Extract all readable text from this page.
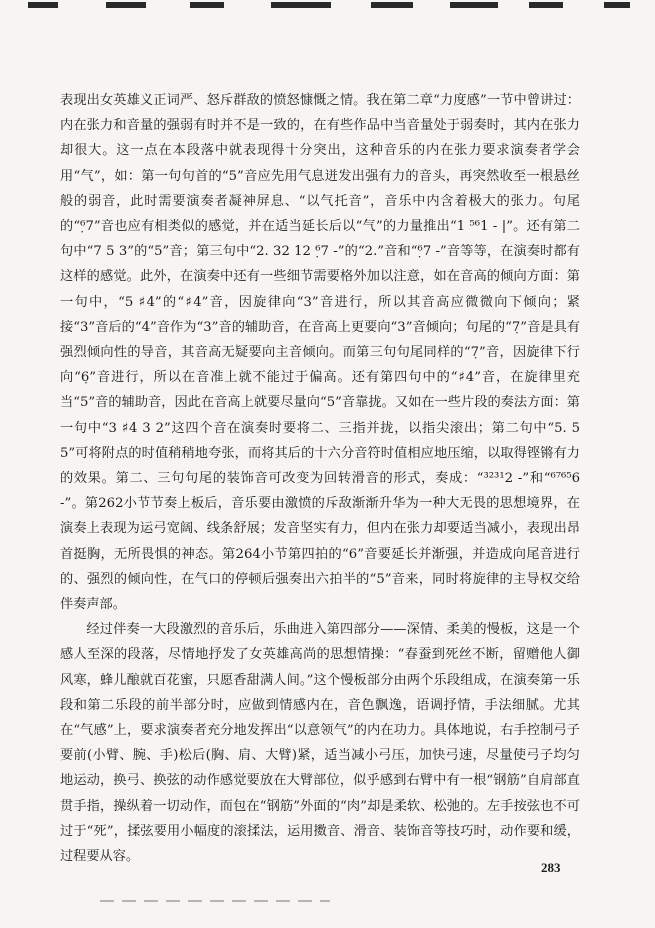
表现出女英雄义正词严、怒斥群敌的愤怒慷慨之情。我在第二章“力度感”一节中曾讲过：内在张力和音量的强弱有时并不是一致的，在有些作品中当音量处于弱奏时，其内在张力却很大。这一点在本段落中就表现得十分突出，这种音乐的内在张力要求演奏者学会用“气”，如：第一句句首的“5”音应先用气息迸发出强有力的音头，再突然收至一根悬丝般的弱音，此时需要演奏者凝神屏息、“以气托音”，音乐中内含着极大的张力。句尾的“⁶̣7”音也应有相类似的感觉，并在适当延长后以“气”的力量推出“1 ⁵⁶1 - |”。还有第二句中“7 5 3”的“5”音；第三句中“2. 32 12 ⁶̣7 -”的“2.”音和“⁶̣7 -”音等等，在演奏时都有这样的感觉。此外，在演奏中还有一些细节需要格外加以注意，如在音高的倾向方面：第一句中，“5 ♯4”的“♯4”音，因旋律向“3”音进行，所以其音高应微微向下倾向；紧接“3”音后的“4”音作为“3”音的辅助音，在音高上更要向“3”音倾向；句尾的“7̣”音是具有强烈倾向性的导音，其音高无疑要向主音倾向。而第三句句尾同样的“7̣”音，因旋律下行向“6̣”音进行，所以在音准上就不能过于偏高。还有第四句中的“♯4”音，在旋律里充当“5”音的辅助音，因此在音高上就要尽量向“5”音靠拢。又如在一些片段的奏法方面：第一句中“3 ♯4 3 2”这四个音在演奏时要将二、三指并拢，以指尖滚出；第二句中“5. 5 5”可将附点的时值稍稍地夸张，而将其后的十六分音符时值相应地压缩，以取得铿锵有力的效果。第二、三句句尾的装饰音可改变为回转滑音的形式，奏成：“³²³¹2 -”和“⁶⁷⁶⁵6 -”。第262小节节奏上板后，音乐要由激愤的斥敌渐渐升华为一种大无畏的思想境界，在演奏上表现为运弓宽阔、线条舒展；发音坚实有力，但内在张力却要适当减小，表现出昂首挺胸，无所畏惧的神态。第264小节第四拍的“6”音要延长并渐强，并造成向尾音进行的、强烈的倾向性，在气口的停顿后强奏出六拍半的“5”音来，同时将旋律的主导权交给伴奏声部。

经过伴奏一大段激烈的音乐后，乐曲进入第四部分——深情、柔美的慢板，这是一个感人至深的段落，尽情地抒发了女英雄高尚的思想情操：“春蚕到死丝不断，留赠他人御风寒，蜂儿酿就百花蜜，只愿香甜满人间。”这个慢板部分由两个乐段组成，在演奏第一乐段和第二乐段的前半部分时，应做到情感内在，音色飘逸，语调抒情，手法细腻。尤其在“气感”上，要求演奏者充分地发挥出“以意领气”的内在功力。具体地说，右手控制弓子要前(小臂、腕、手)松后(胸、肩、大臂)紧，适当减小弓压，加快弓速，尽量使弓子均匀地运动，换弓、换弦的动作感觉要放在大臂部位，似乎感到右臂中有一根“钢筋”自肩部直贯手指，操纵着一切动作，而包在“钢筋”外面的“肉”却是柔软、松弛的。左手按弦也不可过于“死”，揉弦要用小幅度的滚揉法，运用擞音、滑音、装饰音等技巧时，动作要和缓，过程要从容。

283
